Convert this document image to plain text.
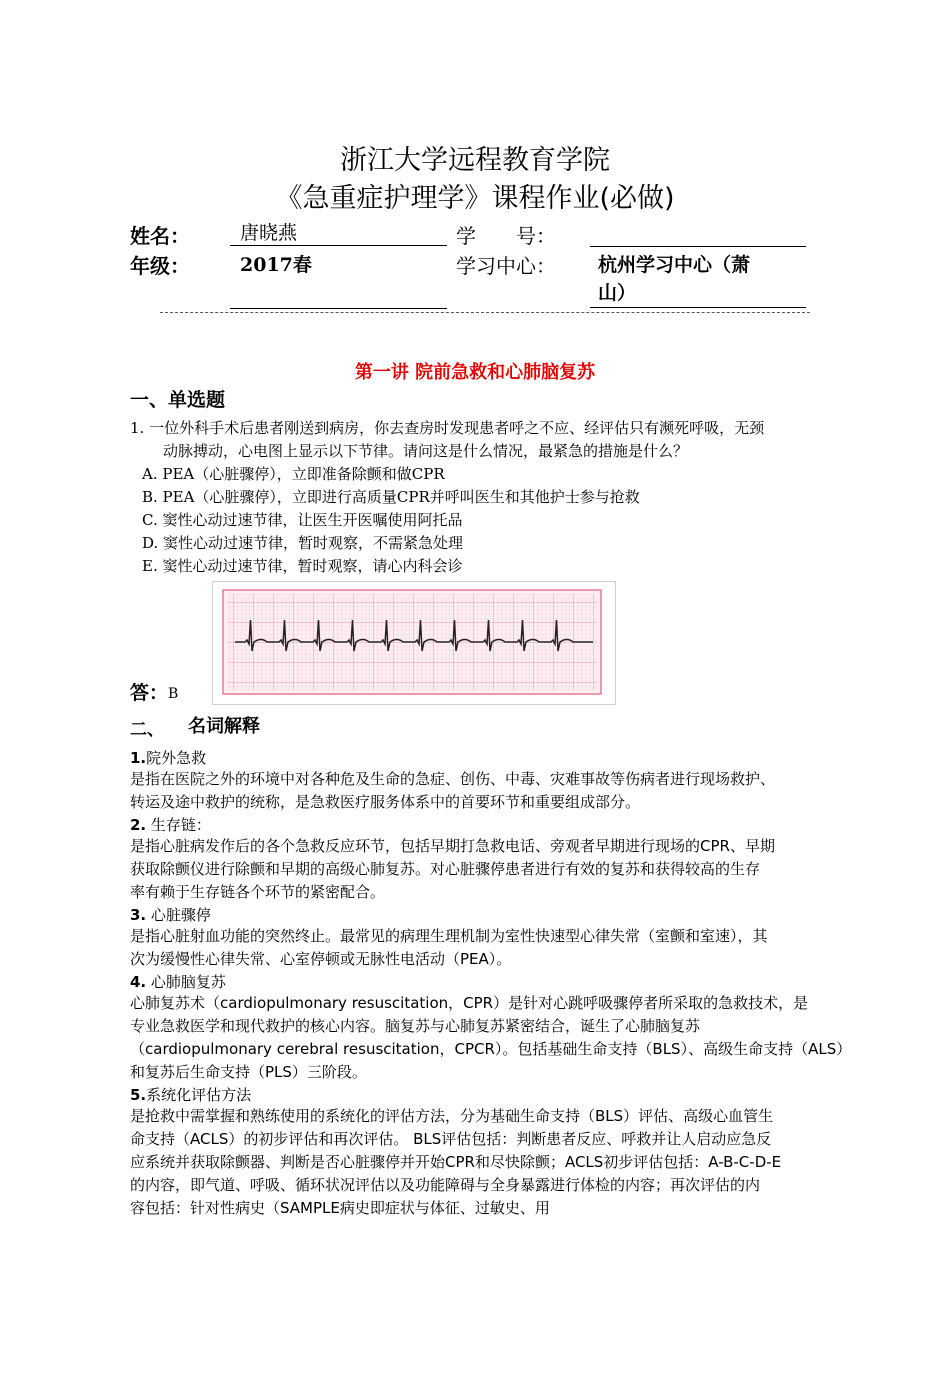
浙江大学远程教育学院
《急重症护理学》课程作业(必做)
姓名：	唐晓燕	学　　号：
年级：	2017春	学习中心： 杭州学习中心（萧
山）
第一讲 院前急救和心肺脑复苏
一、单选题
1. 一位外科手术后患者刚送到病房，你去查房时发现患者呼之不应、经评估只有濒死呼吸，无颈
动脉搏动，心电图上显示以下节律。请问这是什么情况，最紧急的措施是什么？
A. PEA（心脏骤停），立即准备除颤和做CPR
B. PEA（心脏骤停），立即进行高质量CPR并呼叫医生和其他护士参与抢救
C. 窦性心动过速节律，让医生开医嘱使用阿托品
D. 窦性心动过速节律，暂时观察，不需紧急处理
E. 窦性心动过速节律，暂时观察，请心内科会诊
答： B
二、 名词解释
1.院外急救
是指在医院之外的环境中对各种危及生命的急症、创伤、中毒、灾难事故等伤病者进行现场救护、
转运及途中救护的统称，是急救医疗服务体系中的首要环节和重要组成部分。
2. 生存链：
是指心脏病发作后的各个急救反应环节，包括早期打急救电话、旁观者早期进行现场的CPR、早期
获取除颤仪进行除颤和早期的高级心肺复苏。对心脏骤停患者进行有效的复苏和获得较高的生存
率有赖于生存链各个环节的紧密配合。
3. 心脏骤停
是指心脏射血功能的突然终止。最常见的病理生理机制为室性快速型心律失常（室颤和室速），其
次为缓慢性心律失常、心室停顿或无脉性电活动（PEA）。
4. 心肺脑复苏
心肺复苏术（cardiopulmonary resuscitation，CPR）是针对心跳呼吸骤停者所采取的急救技术，是
专业急救医学和现代救护的核心内容。脑复苏与心肺复苏紧密结合，诞生了心肺脑复苏
（cardiopulmonary cerebral resuscitation，CPCR）。包括基础生命支持（BLS）、高级生命支持（ALS）
和复苏后生命支持（PLS）三阶段。
5.系统化评估方法
是抢救中需掌握和熟练使用的系统化的评估方法，分为基础生命支持（BLS）评估、高级心血管生
命支持（ACLS）的初步评估和再次评估。 BLS评估包括：判断患者反应、呼救并让人启动应急反
应系统并获取除颤器、判断是否心脏骤停并开始CPR和尽快除颤；ACLS初步评估包括：A-B-C-D-E
的内容，即气道、呼吸、循环状况评估以及功能障碍与全身暴露进行体检的内容；再次评估的内
容包括：针对性病史（SAMPLE病史即症状与体征、过敏史、用
